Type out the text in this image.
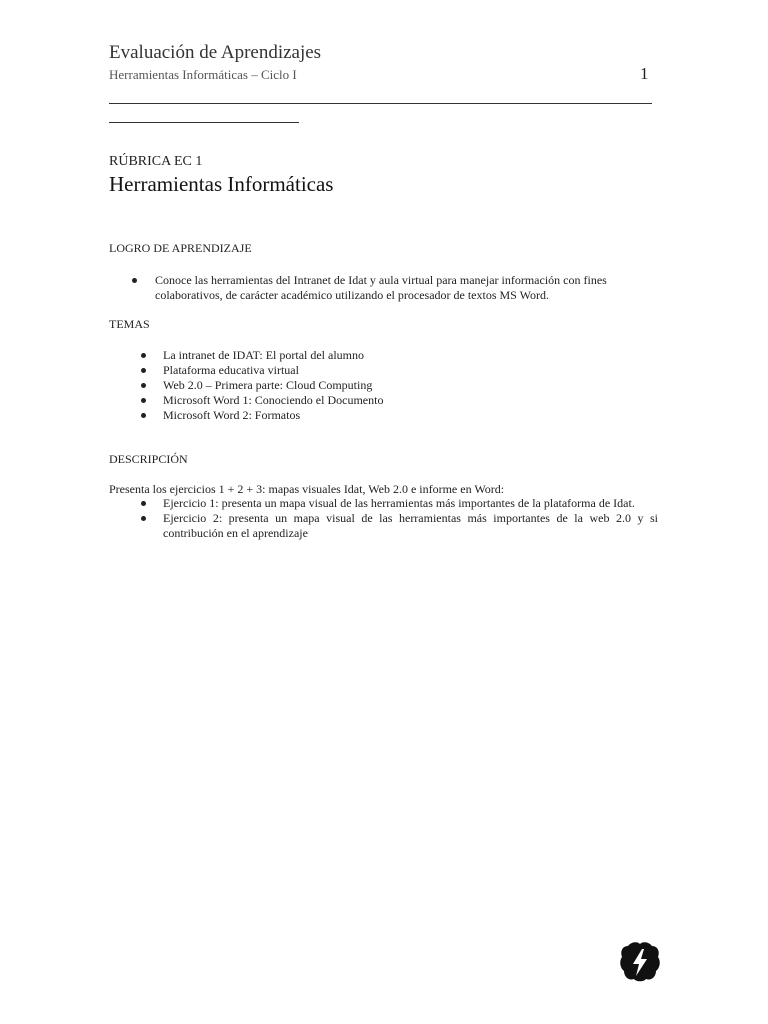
Evaluación de Aprendizajes
Herramientas Informáticas – Ciclo I	1
RÚBRICA EC 1
Herramientas Informáticas
LOGRO DE APRENDIZAJE
Conoce las herramientas del Intranet de Idat y aula virtual para manejar información con fines colaborativos, de carácter académico utilizando el procesador de textos MS Word.
TEMAS
La intranet de IDAT: El portal del alumno
Plataforma educativa virtual
Web 2.0 – Primera parte: Cloud Computing
Microsoft Word 1: Conociendo el Documento
Microsoft Word 2: Formatos
DESCRIPCIÓN
Presenta los ejercicios 1 + 2 + 3: mapas visuales Idat, Web 2.0 e informe en Word:
Ejercicio 1: presenta un mapa visual de las herramientas más importantes de la plataforma de Idat.
Ejercicio 2: presenta un mapa visual de las herramientas más importantes de la web 2.0 y si contribución en el aprendizaje
